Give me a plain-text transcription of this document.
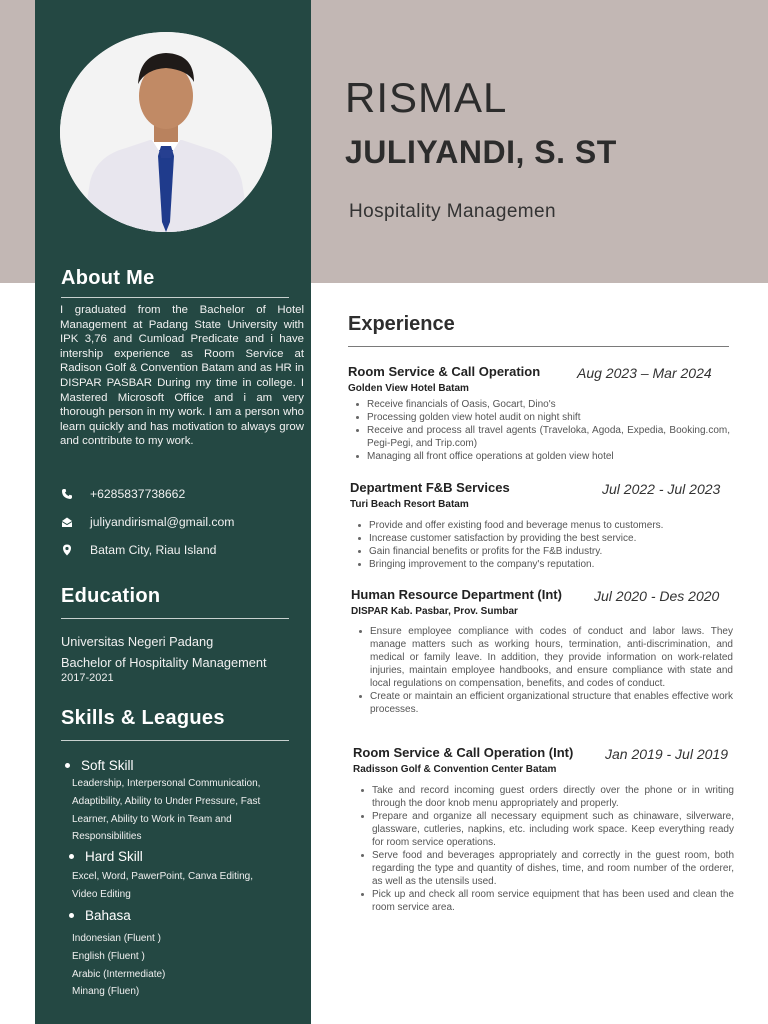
About Me

I graduated from the Bachelor of Hotel Management at Padang State University with IPK 3,76 and Cumload Predicate and i have intership experience as Room Service at Radison Golf & Convention Batam and as HR in DISPAR PASBAR During my time in college. I Mastered Microsoft Office and i am very thorough person in my work. I am a person who learn quickly and has motivation to always grow and contribute to my work.

+6285837738662
juliyandirismal@gmail.com
Batam City, Riau Island
Education
Universitas Negeri Padang
Bachelor of Hospitality Management
2017-2021
Skills & Leagues
Soft Skill
Leadership, Interpersonal Communication,
Adaptibility, Ability to Under Pressure, Fast
Learner, Ability to Work in Team and
Responsibilities
Hard Skill
Excel, Word, PawerPoint, Canva Editing,
Video Editing
Bahasa
Indonesian (Fluent )
English (Fluent )
Arabic (Intermediate)
Minang (Fluen)
RISMAL
JULIYANDI, S. ST
Hospitality Managemen
Experience
Room Service & Call Operation	Aug 2023 – Mar 2024
Golden View Hotel Batam
Receive financials of Oasis, Gocart, Dino's
Processing golden view hotel audit on night shift
Receive and process all travel agents (Traveloka, Agoda, Expedia, Booking.com, Pegi-Pegi, and Trip.com)
Managing all front office operations at golden view hotel
Department F&B Services	Jul 2022 - Jul 2023
Turi Beach Resort Batam
Provide and offer existing food and beverage menus to customers.
Increase customer satisfaction by providing the best service.
Gain financial benefits or profits for the F&B industry.
Bringing improvement to the company's reputation.
Human Resource Department (Int) Jul 2020 - Des 2020
DISPAR Kab. Pasbar, Prov. Sumbar
Ensure employee compliance with codes of conduct and labor laws. They manage matters such as working hours, termination, anti-discrimination, and medical or family leave. In addition, they provide information on work-related injuries, maintain employee handbooks, and ensure compliance with state and local regulations on compensation, benefits, and codes of conduct.
Create or maintain an efficient organizational structure that enables effective work processes.
Room Service & Call Operation (Int) Jan 2019 - Jul 2019
Radisson Golf & Convention Center Batam
Take and record incoming guest orders directly over the phone or in writing through the door knob menu appropriately and properly.
Prepare and organize all necessary equipment such as chinaware, silverware, glassware, cutleries, napkins, etc. including work space. Keep everything ready for room service operations.
Serve food and beverages appropriately and correctly in the guest room, both regarding the type and quantity of dishes, time, and room number of the orderer, as well as the utensils used.
Pick up and check all room service equipment that has been used and clean the room service area.
